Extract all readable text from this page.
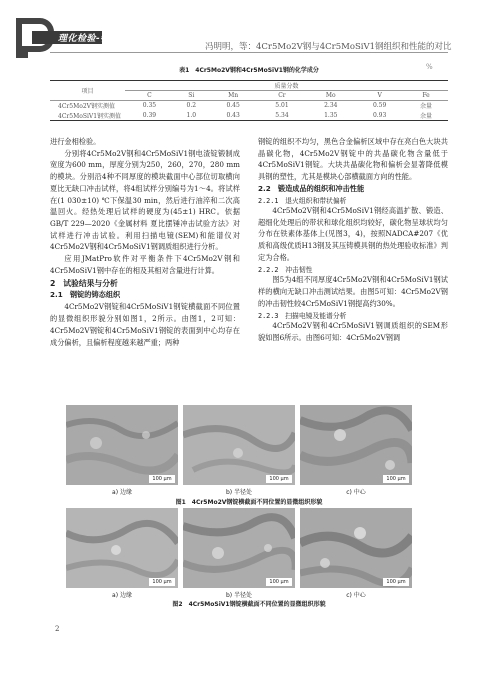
理化检验-物理分册
冯明明，等：4Cr5Mo2V钢与4Cr5MoSiV1钢组织和性能的对比
表1　4Cr5Mo2V钢和4Cr5MoSiV1钢的化学成分	%
项目	质量分数						
	C	Si	Mn	Cr	Mo	V	Fe
4Cr5Mo2V钢实测值	0.35	0.2	0.45	5.01	2.34	0.59	余量
4Cr5MoSiV1钢实测值	0.39	1.0	0.43	5.34	1.35	0.93	余量

进行金相检验。

分别将4Cr5Mo2V钢和4Cr5MoSiV1钢电渣锭锻制成宽度为600 mm，厚度分别为250，260，270，280 mm的模块。分别沿4种不同厚度的模块截面中心部位切取横向夏比无缺口冲击试样，将4组试样分别编号为1～4。将试样在(1 030±10) ℃下保温30 min，然后进行油淬和二次高温回火。经热处理后试样的硬度为(45±1) HRC。依据GB/T 229—2020《金属材料 夏比摆锤冲击试验方法》对试样进行冲击试验。利用扫描电镜(SEM)和能谱仪对4Cr5Mo2V钢和4Cr5MoSiV1钢调质组织进行分析。

应用JMatPro软件对平衡条件下4Cr5Mo2V钢和4Cr5MoSiV1钢中存在的相及其相对含量进行计算。

2　试验结果与分析
2.1　钢锭的铸态组织

4Cr5Mo2V钢锭和4Cr5MoSiV1钢锭横截面不同位置的显微组织形貌分别如图1，2所示。由图1，2可知：4Cr5Mo2V钢锭和4Cr5MoSiV1钢锭的表面到中心均存在成分偏析，且偏析程度越来越严重；两种

钢锭的组织不均匀，黑色合金偏析区域中存在亮白色大块共晶碳化物，4Cr5Mo2V钢锭中的共晶碳化物含量低于4Cr5MoSiV1钢锭。大块共晶碳化物和偏析会显著降低模具钢的塑性，尤其是模块心部横截面方向的性能。

2.2　锻造成品的组织和冲击性能
2.2.1　退火组织和带状偏析

4Cr5Mo2V钢和4Cr5MoSiV1钢经高温扩散、锻造、超细化处理后的带状和球化组织均较好，碳化物呈球状均匀分布在铁素体基体上(见图3，4)，按照NADCA#207《优质和高级优质H13钢及其压铸模具钢的热处理验收标准》判定为合格。

2.2.2　冲击韧性

图5为4组不同厚度4Cr5Mo2V钢和4Cr5MoSiV1钢试样的横向无缺口冲击测试结果。由图5可知：4Cr5Mo2V钢的冲击韧性较4Cr5MoSiV1钢提高约30%。

2.2.3　扫描电镜及能谱分析

4Cr5Mo2V钢和4Cr5MoSiV1钢调质组织的SEM形貌如图6所示。由图6可知：4Cr5Mo2V钢调

100 μm	100 μm	100 μm
a) 边缘	b) 半径处	c) 中心
图1　4Cr5Mo2V钢锭横截面不同位置的显微组织形貌
100 μm	100 μm	100 μm
a) 边缘	b) 半径处	c) 中心
图2　4Cr5MoSiV1钢锭横截面不同位置的显微组织形貌
2
